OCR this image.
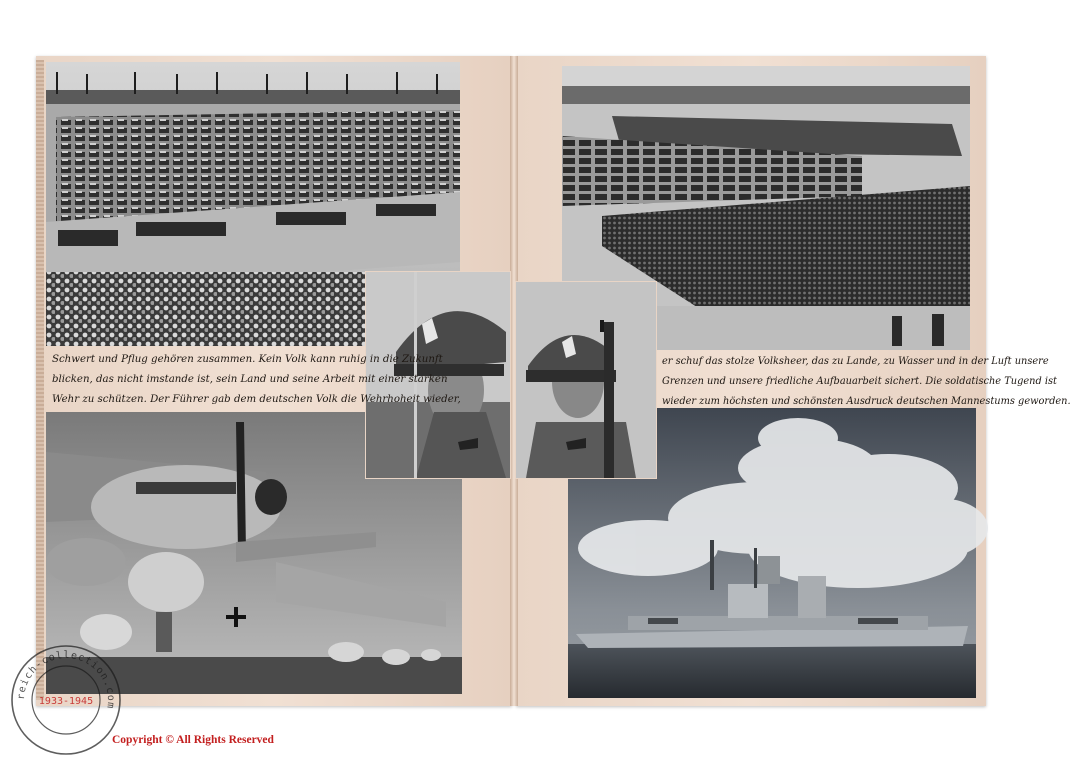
Schwert und Pflug gehören zusammen. Kein Volk kann ruhig in die Zukunft
blicken, das nicht imstande ist, sein Land und seine Arbeit mit einer starken
Wehr zu schützen. Der Führer gab dem deutschen Volk die Wehrhoheit wieder,
er schuf das stolze Volksheer, das zu Lande, zu Wasser und in der Luft unsere
Grenzen und unsere friedliche Aufbauarbeit sichert. Die soldatische Tugend ist
wieder zum höchsten und schönsten Ausdruck deutschen Mannestums geworden.
reich-collection.com
1933-1945
Copyright © All Rights Reserved
